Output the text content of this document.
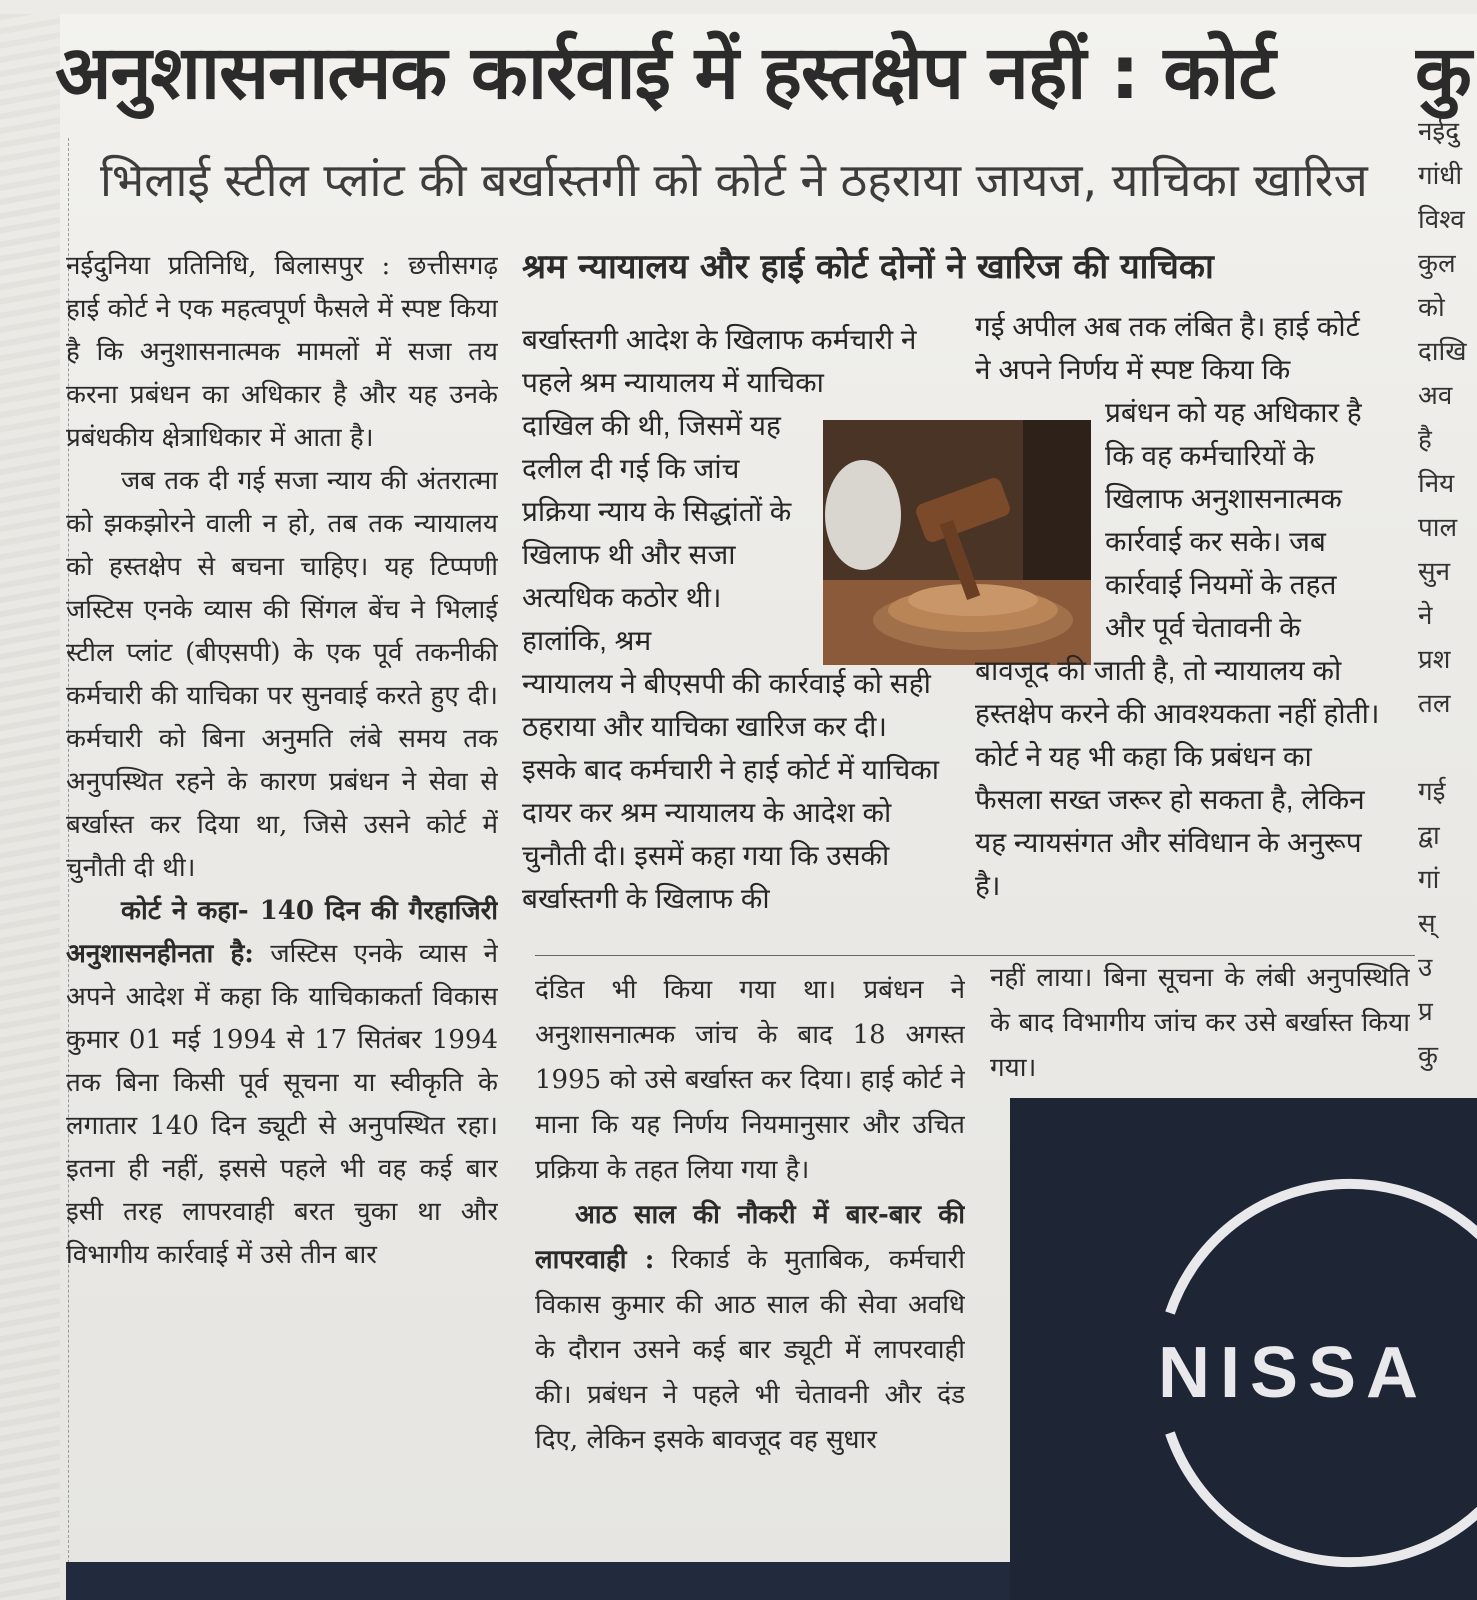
अनुशासनात्मक कार्रवाई में हस्तक्षेप नहीं : कोर्ट	कु
भिलाई स्टील प्लांट की बर्खास्तगी को कोर्ट ने ठहराया जायज, याचिका खारिज

नईदुनिया प्रतिनिधि, बिलासपुर : छत्तीसगढ़ हाई कोर्ट ने एक महत्वपूर्ण फैसले में स्पष्ट किया है कि अनुशासनात्मक मामलों में सजा तय करना प्रबंधन का अधिकार है और यह उनके प्रबंधकीय क्षेत्राधिकार में आता है।

जब तक दी गई सजा न्याय की अंतरात्मा को झकझोरने वाली न हो, तब तक न्यायालय को हस्तक्षेप से बचना चाहिए। यह टिप्पणी जस्टिस एनके व्यास की सिंगल बेंच ने भिलाई स्टील प्लांट (बीएसपी) के एक पूर्व तकनीकी कर्मचारी की याचिका पर सुनवाई करते हुए दी। कर्मचारी को बिना अनुमति लंबे समय तक अनुपस्थित रहने के कारण प्रबंधन ने सेवा से बर्खास्त कर दिया था, जिसे उसने कोर्ट में चुनौती दी थी।

कोर्ट ने कहा- 140 दिन की गैरहाजिरी अनुशासनहीनता है: जस्टिस एनके व्यास ने अपने आदेश में कहा कि याचिकाकर्ता विकास कुमार 01 मई 1994 से 17 सितंबर 1994 तक बिना किसी पूर्व सूचना या स्वीकृति के लगातार 140 दिन ड्यूटी से अनुपस्थित रहा। इतना ही नहीं, इससे पहले भी वह कई बार इसी तरह लापरवाही बरत चुका था और विभागीय कार्रवाई में उसे तीन बार

श्रम न्यायालय और हाई कोर्ट दोनों ने खारिज की याचिका

बर्खास्तगी आदेश के खिलाफ कर्मचारी ने पहले श्रम न्यायालय में याचिका

दाखिल की थी, जिसमें यह दलील दी गई कि जांच प्रक्रिया न्याय के सिद्धांतों के खिलाफ थी और सजा अत्यधिक कठोर थी। हालांकि, श्रम

न्यायालय ने बीएसपी की कार्रवाई को सही ठहराया और याचिका खारिज कर दी। इसके बाद कर्मचारी ने हाई कोर्ट में याचिका दायर कर श्रम न्यायालय के आदेश को चुनौती दी। इसमें कहा गया कि उसकी बर्खास्तगी के खिलाफ की

गई अपील अब तक लंबित है। हाई कोर्ट ने अपने निर्णय में स्पष्ट किया कि

प्रबंधन को यह अधिकार है कि वह कर्मचारियों के खिलाफ अनुशासनात्मक कार्रवाई कर सके। जब कार्रवाई नियमों के तहत और पूर्व चेतावनी के

बावजूद की जाती है, तो न्यायालय को हस्तक्षेप करने की आवश्यकता नहीं होती। कोर्ट ने यह भी कहा कि प्रबंधन का फैसला सख्त जरूर हो सकता है, लेकिन यह न्यायसंगत और संविधान के अनुरूप है।

दंडित भी किया गया था। प्रबंधन ने अनुशासनात्मक जांच के बाद 18 अगस्त 1995 को उसे बर्खास्त कर दिया। हाई कोर्ट ने माना कि यह निर्णय नियमानुसार और उचित प्रक्रिया के तहत लिया गया है।

आठ साल की नौकरी में बार-बार की लापरवाही : रिकार्ड के मुताबिक, कर्मचारी विकास कुमार की आठ साल की सेवा अवधि के दौरान उसने कई बार ड्यूटी में लापरवाही की। प्रबंधन ने पहले भी चेतावनी और दंड दिए, लेकिन इसके बावजूद वह सुधार

नहीं लाया। बिना सूचना के लंबी अनुपस्थिति के बाद विभागीय जांच कर उसे बर्खास्त किया गया।

NISSA
नईदु
गांधी
विश्व
कुल
को
दाखि
अव
है
निय
पाल
सुन
ने
प्रश
तल
गई
द्वा
गां
स्
उ
प्र
कु
